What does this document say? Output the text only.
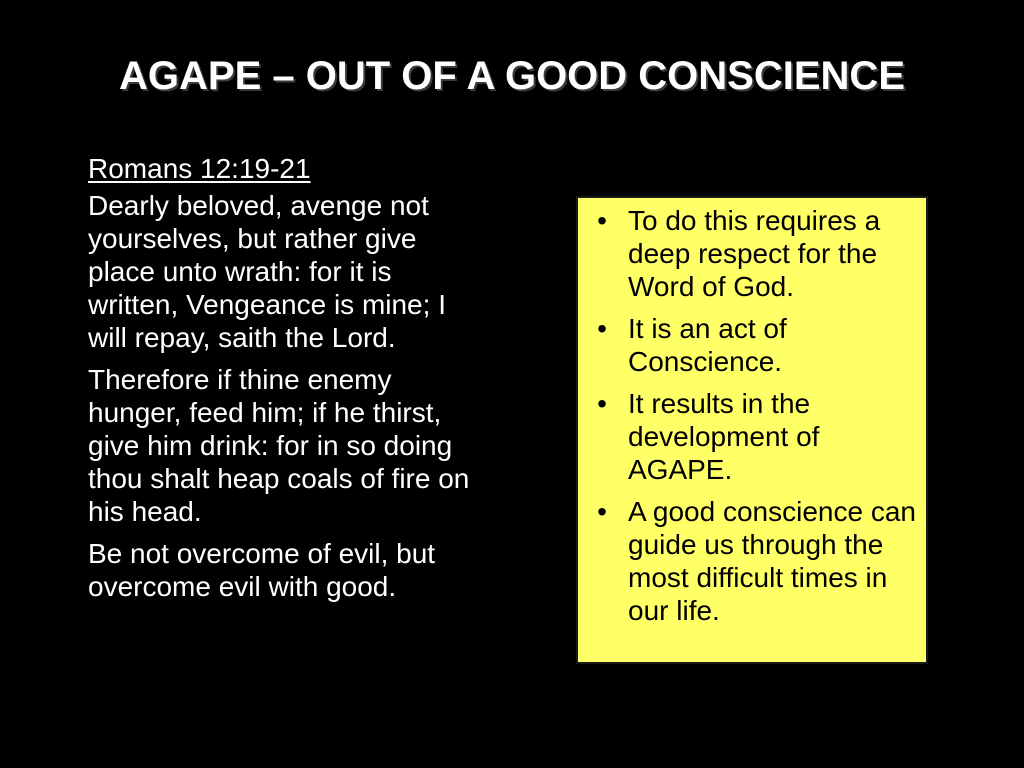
AGAPE – OUT OF A GOOD CONSCIENCE

Romans 12:19-21

Dearly beloved, avenge not yourselves, but rather give place unto wrath: for it is written, Vengeance is mine; I will repay, saith the Lord.

Therefore if thine enemy hunger, feed him; if he thirst, give him drink: for in so doing thou shalt heap coals of fire on his head.

Be not overcome of evil, but overcome evil with good.

• To do this requires a deep respect for the Word of God.
• It is an act of Conscience.
• It results in the development of AGAPE.
• A good conscience can guide us through the most difficult times in our life.
